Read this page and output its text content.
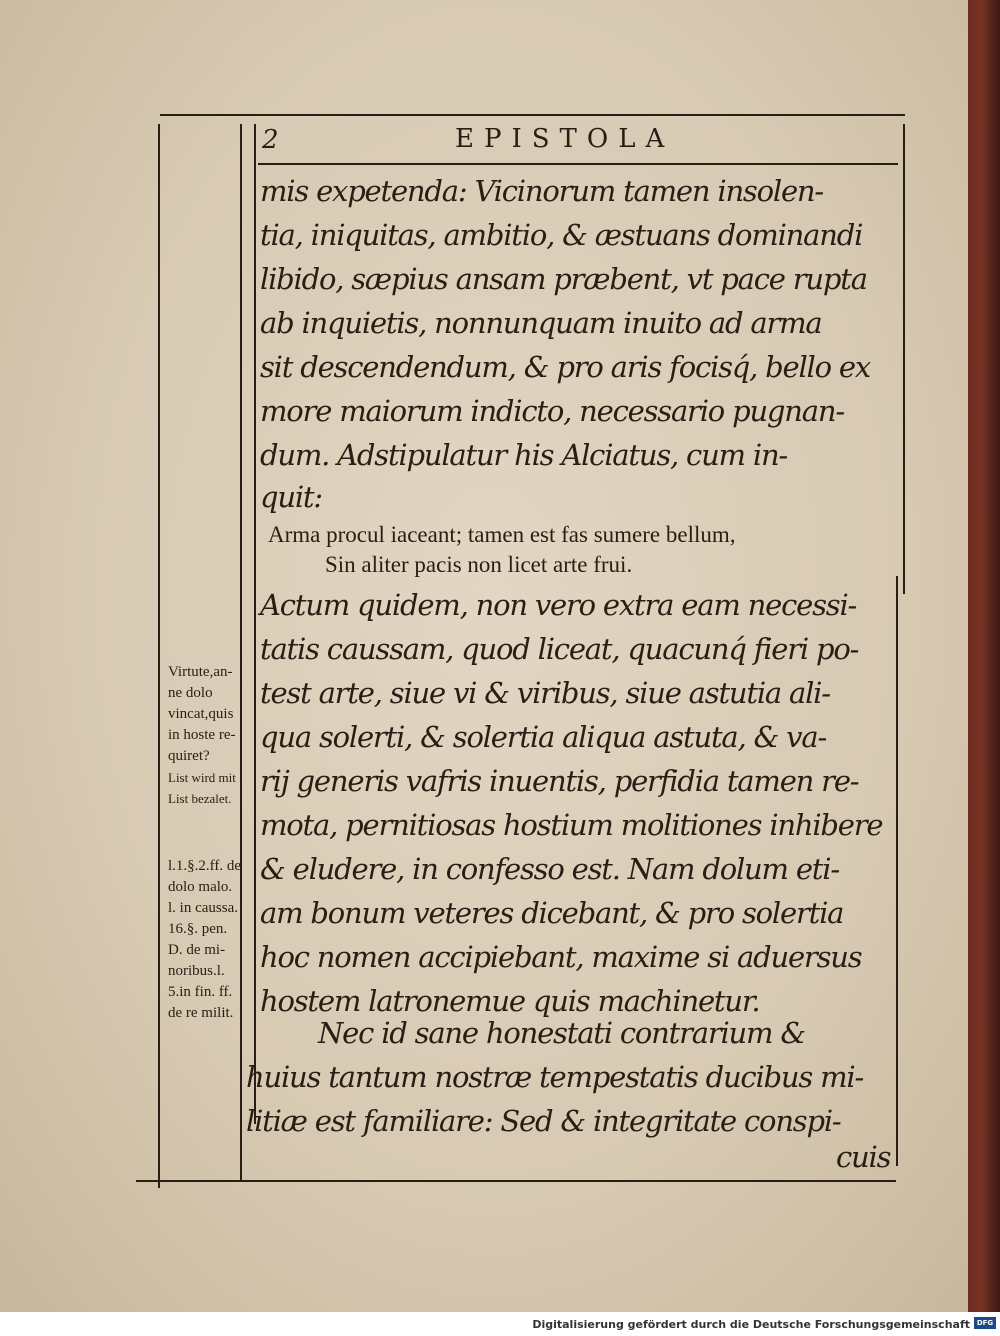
2	EPISTOLA
mis expetenda: Vicinorum tamen insolen-
tia, iniquitas, ambitio, & æstuans dominandi
libido, sæpius ansam præbent, vt pace rupta
ab inquietis, nonnunquam inuito ad arma
sit descendendum, & pro aris focisq́, bello ex
more maiorum indicto, necessario pugnan-
dum. Adstipulatur his Alciatus, cum in-
quit:
Arma procul iaceant; tamen est fas sumere bellum,
Sin aliter pacis non licet arte frui.
Actum quidem, non vero extra eam necessi-
tatis caussam, quod liceat, quacunq́ fieri po-
test arte, siue vi & viribus, siue astutia ali-
qua solerti, & solertia aliqua astuta, & va-
rij generis vafris inuentis, perfidia tamen re-
mota, pernitiosas hostium molitiones inhibere
& eludere, in confesso est. Nam dolum eti-
am bonum veteres dicebant, & pro solertia
hoc nomen accipiebant, maxime si aduersus
hostem latronemue quis machinetur.
Nec id sane honestati contrarium &
huius tantum nostræ tempestatis ducibus mi-
litiæ est familiare: Sed & integritate conspi-
cuis
Virtute,an-
ne dolo
vincat,quis
in hoste re-
quiret?
List wird mit
List bezalet.
l.1.§.2.ff. de
dolo malo.
l. in caussa.
16.§. pen.
D. de mi-
noribus.l.
5.in fin. ff.
de re milit.
Digitalisierung gefördert durch die Deutsche Forschungsgemeinschaft DFG
